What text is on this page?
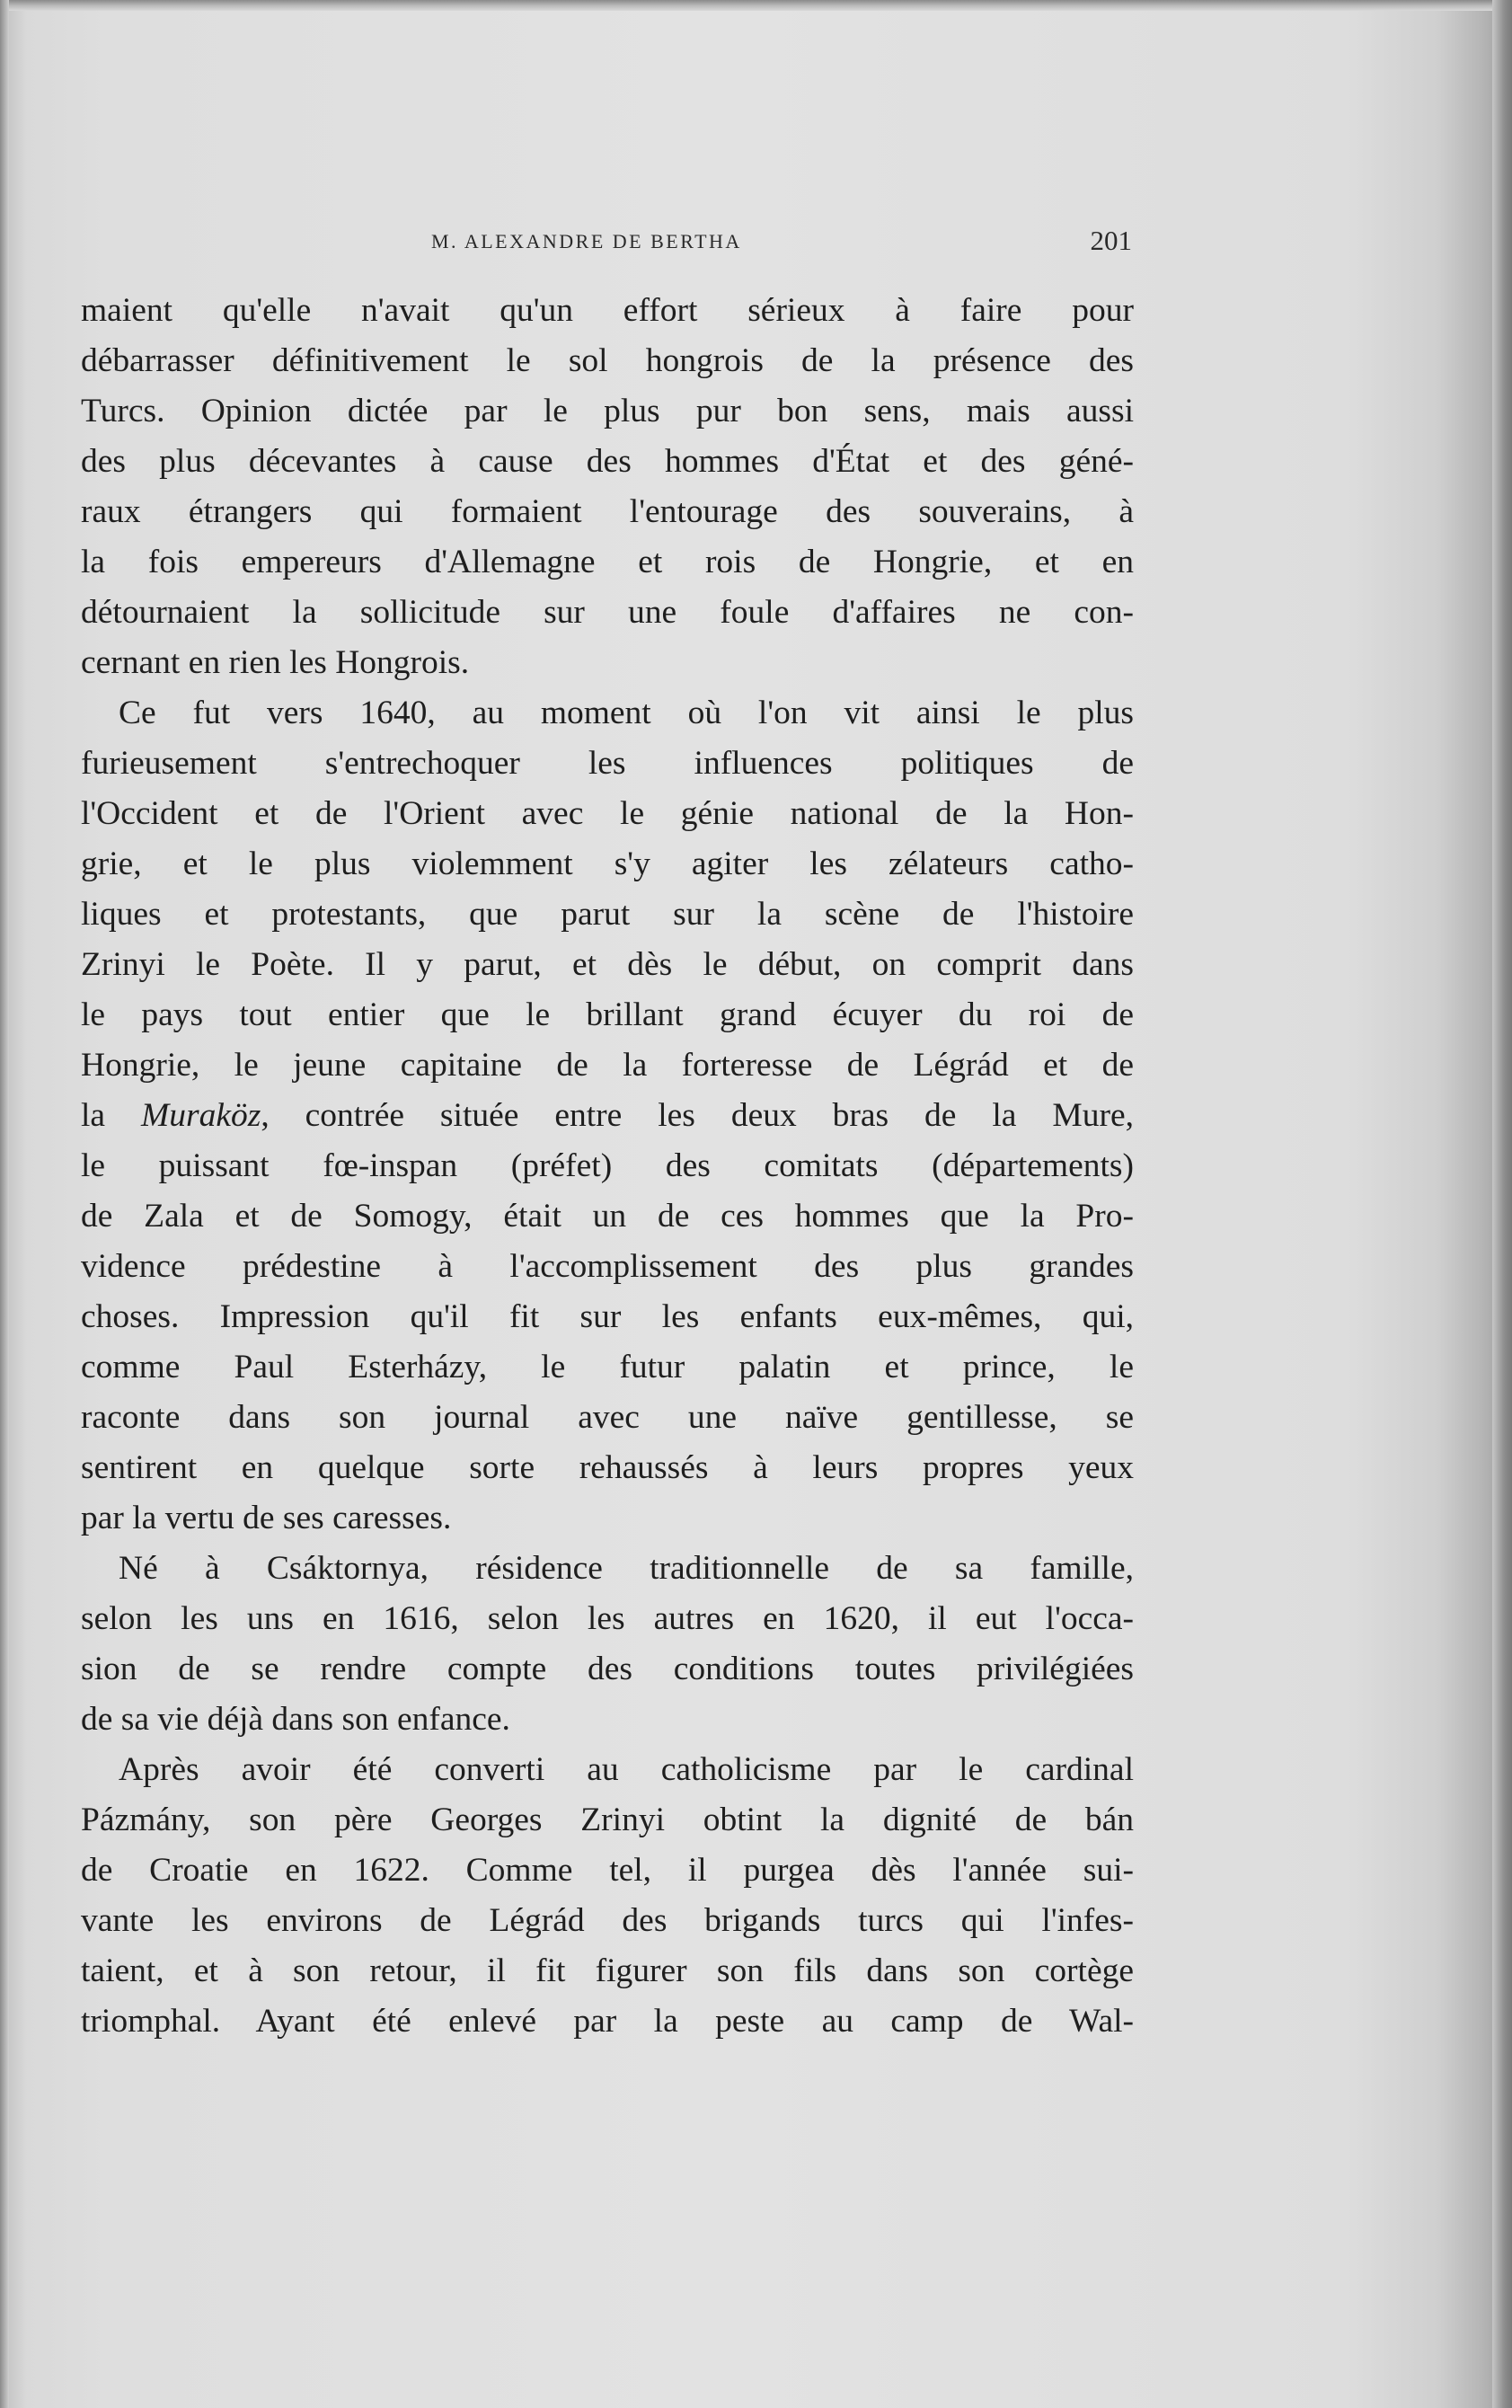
M. ALEXANDRE DE BERTHA	201
maient qu'elle n'avait qu'un effort sérieux à faire pour
débarrasser définitivement le sol hongrois de la présence des
Turcs. Opinion dictée par le plus pur bon sens, mais aussi
des plus décevantes à cause des hommes d'État et des géné-
raux étrangers qui formaient l'entourage des souverains, à
la fois empereurs d'Allemagne et rois de Hongrie, et en
détournaient la sollicitude sur une foule d'affaires ne con-
cernant en rien les Hongrois.
Ce fut vers 1640, au moment où l'on vit ainsi le plus
furieusement s'entrechoquer les influences politiques de
l'Occident et de l'Orient avec le génie national de la Hon-
grie, et le plus violemment s'y agiter les zélateurs catho-
liques et protestants, que parut sur la scène de l'histoire
Zrinyi le Poète. Il y parut, et dès le début, on comprit dans
le pays tout entier que le brillant grand écuyer du roi de
Hongrie, le jeune capitaine de la forteresse de Légrád et de
la Muraköz, contrée située entre les deux bras de la Mure,
le puissant fœ-inspan (préfet) des comitats (départements)
de Zala et de Somogy, était un de ces hommes que la Pro-
vidence prédestine à l'accomplissement des plus grandes
choses. Impression qu'il fit sur les enfants eux-mêmes, qui,
comme Paul Esterházy, le futur palatin et prince, le
raconte dans son journal avec une naïve gentillesse, se
sentirent en quelque sorte rehaussés à leurs propres yeux
par la vertu de ses caresses.
Né à Csáktornya, résidence traditionnelle de sa famille,
selon les uns en 1616, selon les autres en 1620, il eut l'occa-
sion de se rendre compte des conditions toutes privilégiées
de sa vie déjà dans son enfance.
Après avoir été converti au catholicisme par le cardinal
Pázmány, son père Georges Zrinyi obtint la dignité de bán
de Croatie en 1622. Comme tel, il purgea dès l'année sui-
vante les environs de Légrád des brigands turcs qui l'infes-
taient, et à son retour, il fit figurer son fils dans son cortège
triomphal. Ayant été enlevé par la peste au camp de Wal-
